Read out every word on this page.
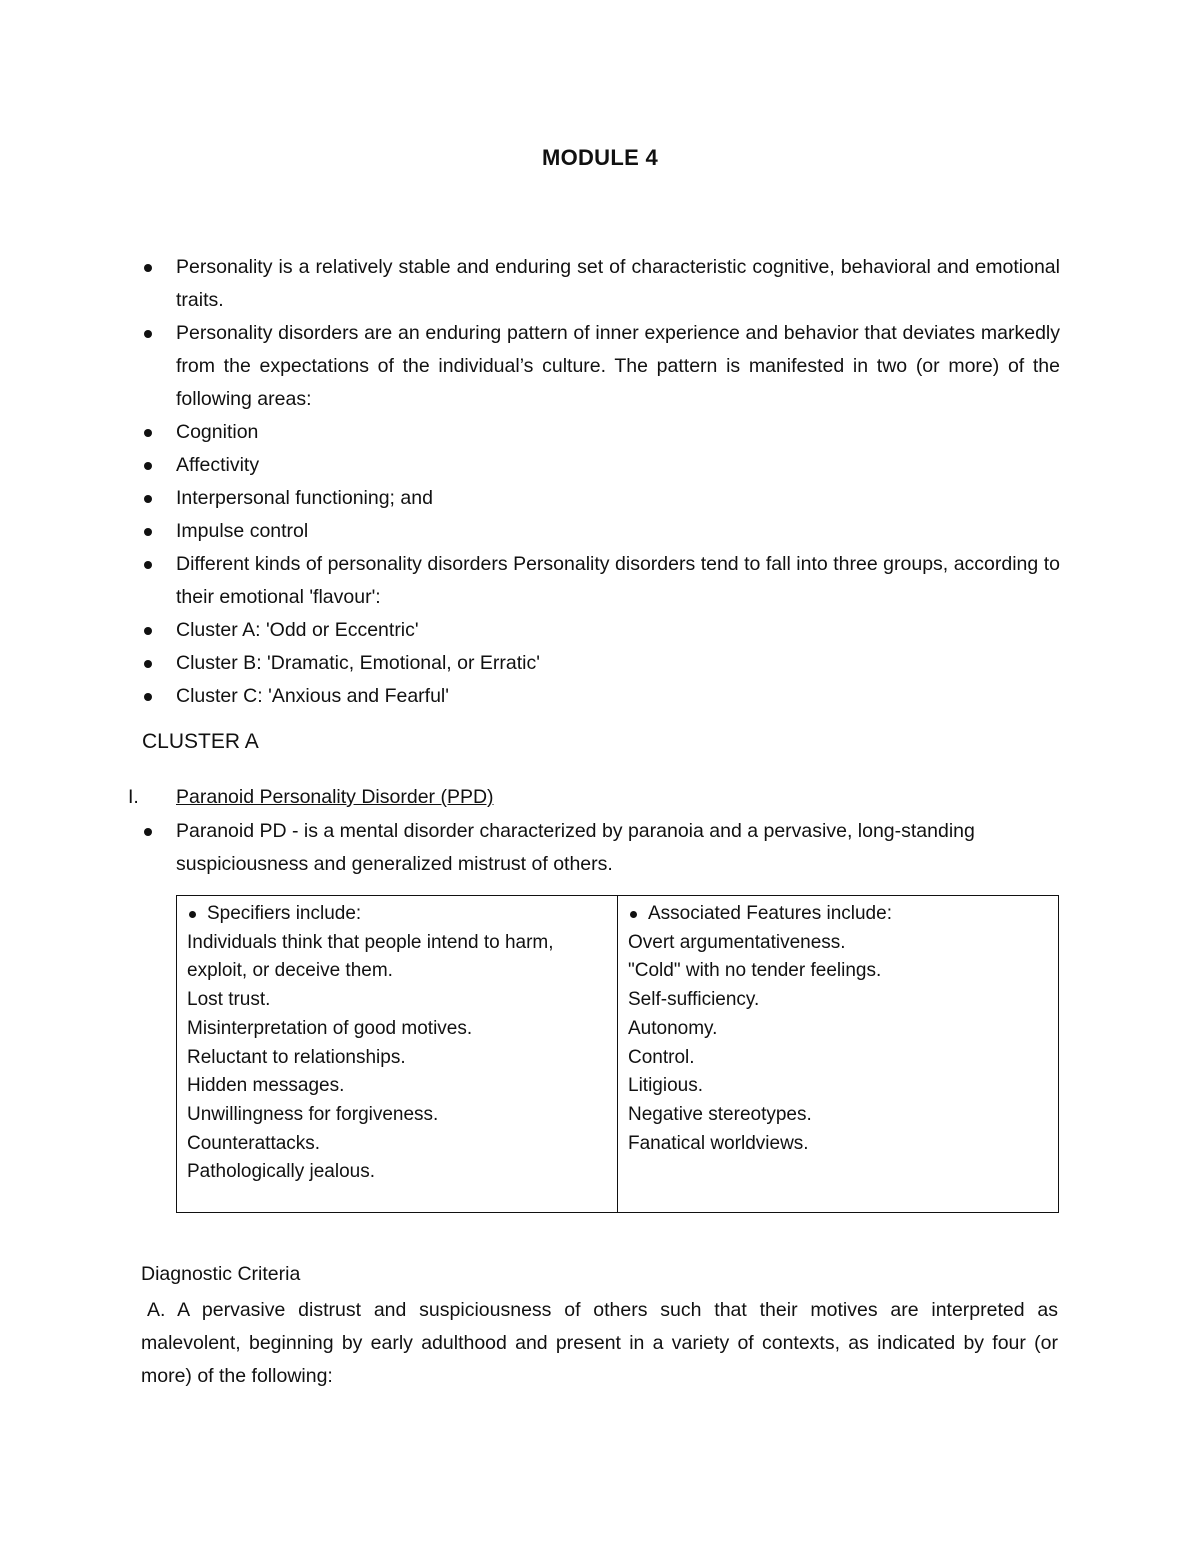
MODULE 4
Personality is a relatively stable and enduring set of characteristic cognitive, behavioral and emotional traits.
Personality disorders are an enduring pattern of inner experience and behavior that deviates markedly from the expectations of the individual’s culture. The pattern is manifested in two (or more) of the following areas:
Cognition
Affectivity
Interpersonal functioning; and
Impulse control
Different kinds of personality disorders Personality disorders tend to fall into three groups, according to their emotional 'flavour':
Cluster A: 'Odd or Eccentric'
Cluster B: 'Dramatic, Emotional, or Erratic'
Cluster C: 'Anxious and Fearful'
CLUSTER A
I. Paranoid Personality Disorder (PPD)
Paranoid PD - is a mental disorder characterized by paranoia and a pervasive, long-standing suspiciousness and generalized mistrust of others.
Specifiers include:
Individuals think that people intend to harm, exploit, or deceive them.
Lost trust.
Misinterpretation of good motives.
Reluctant to relationships.
Hidden messages.
Unwillingness for forgiveness.
Counterattacks.
Pathologically jealous.

Associated Features include:
Overt argumentativeness.
"Cold" with no tender feelings.
Self-sufficiency.
Autonomy.
Control.
Litigious.
Negative stereotypes.
Fanatical worldviews.
Diagnostic Criteria

A. A pervasive distrust and suspiciousness of others such that their motives are interpreted as malevolent, beginning by early adulthood and present in a variety of contexts, as indicated by four (or more) of the following:
